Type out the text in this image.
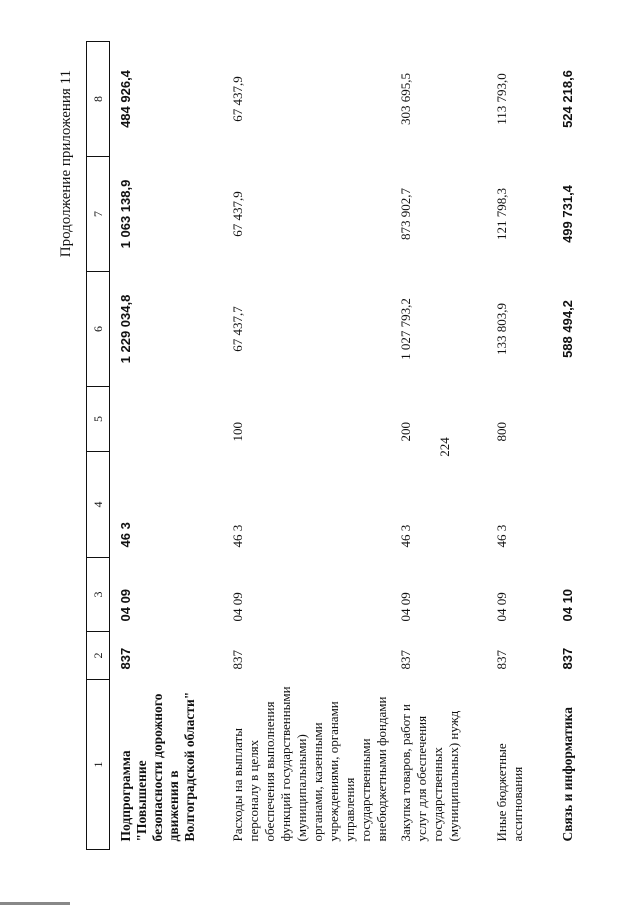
224
Продолжение приложения 11
1	2	3	4	5	6	7	8
Подпрограмма "Повышение безопасности дорожного движения в Волгоградской области"	837	04 09	46 3		1 229 034,8	1 063 138,9	484 926,4
Расходы на выплаты персоналу в целях обеспечения выполнения функций государственными (муниципальными) органами, казенными учреждениями, органами управления государственными внебюджетными фондами	837	04 09	46 3	100	67 437,7	67 437,9	67 437,9
Закупка товаров, работ и услуг для обеспечения государственных (муниципальных) нужд	837	04 09	46 3	200	1 027 793,2	873 902,7	303 695,5
Иные бюджетные ассигнования	837	04 09	46 3	800	133 803,9	121 798,3	113 793,0
Связь и информатика	837	04 10			588 494,2	499 731,4	524 218,6
